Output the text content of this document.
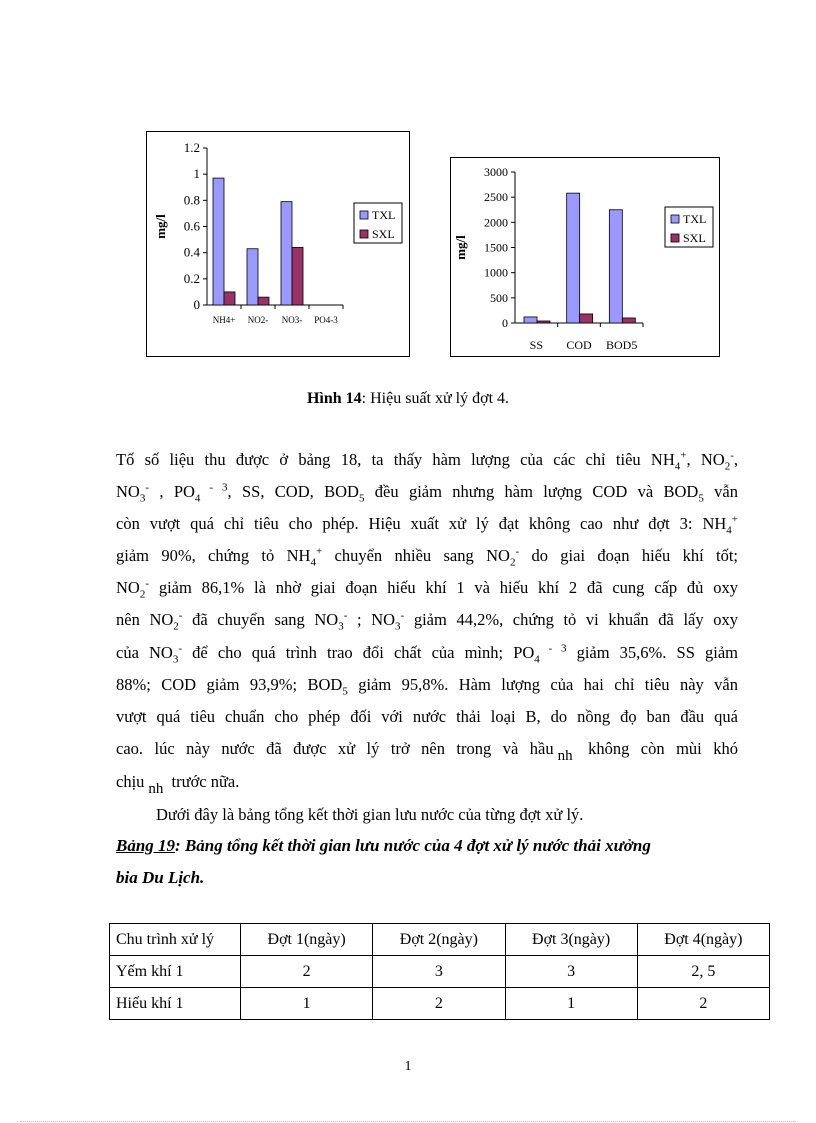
0
0.2
0.4
0.6
0.8
1
1.2
mg/l
NH4+ NO2- NO3- PO4-3
TXL
SXL
0
500
1000
1500
2000
2500
3000
mg/l
SS COD BOD5
TXL
SXL
Hình 14: Hiệu suất xử lý đợt 4.
Tố số liệu thu được ở bảng 18, ta thấy hàm lượng của các chỉ tiêu $NH_4^+$, $NO_2^-$,
$NO_3^-$ , $PO_4$ $^{- 3}$, SS, COD, $BOD_5$ đều giảm nhưng hàm lượng COD và $BOD_5$ vẫn
còn vượt quá chỉ tiêu cho phép. Hiệu xuất xử lý đạt không cao như đợt 3: $NH_4^+$
giảm 90%, chứng tỏ $NH_4^+$ chuyển nhiều sang $NO_2^-$ do giai đoạn hiếu khí tốt;
$NO_2^-$ giảm 86,1% là nhờ giai đoạn hiếu khí 1 và hiếu khí 2 đã cung cấp đủ oxy
nên $NO_2^-$ đã chuyển sang $NO_3^-$ ; $NO_3^-$ giảm 44,2%, chứng tỏ vi khuẩn đã lấy oxy
của $NO_3^-$ để cho quá trình trao đổi chất của mình; $PO_4$ $^{- 3}$ giảm 35,6%. SS giảm
88%; COD giảm 93,9%; $BOD_5$ giảm 95,8%. Hàm lượng của hai chỉ tiêu này vẫn
vượt quá tiêu chuẩn cho phép đối với nước thải loại B, do nồng đọ ban đầu quá
cao. lúc này nước đã được xử lý trở nên trong và hầu nh không còn mùi khó
chịu nh trước nữa.
Dưới đây là bảng tổng kết thời gian lưu nước của từng đợt xử lý.
Bảng 19: Bảng tổng kết thời gian lưu nước của 4 đợt xử lý nước thải xưởng
bia Du Lịch.
Chu trình xử lý	Đợt 1(ngày)	Đợt 2(ngày)	Đợt 3(ngày)	Đợt 4(ngày)
Yếm khí 1	2	3	3	2, 5
Hiếu khí 1	1	2	1	2
1
